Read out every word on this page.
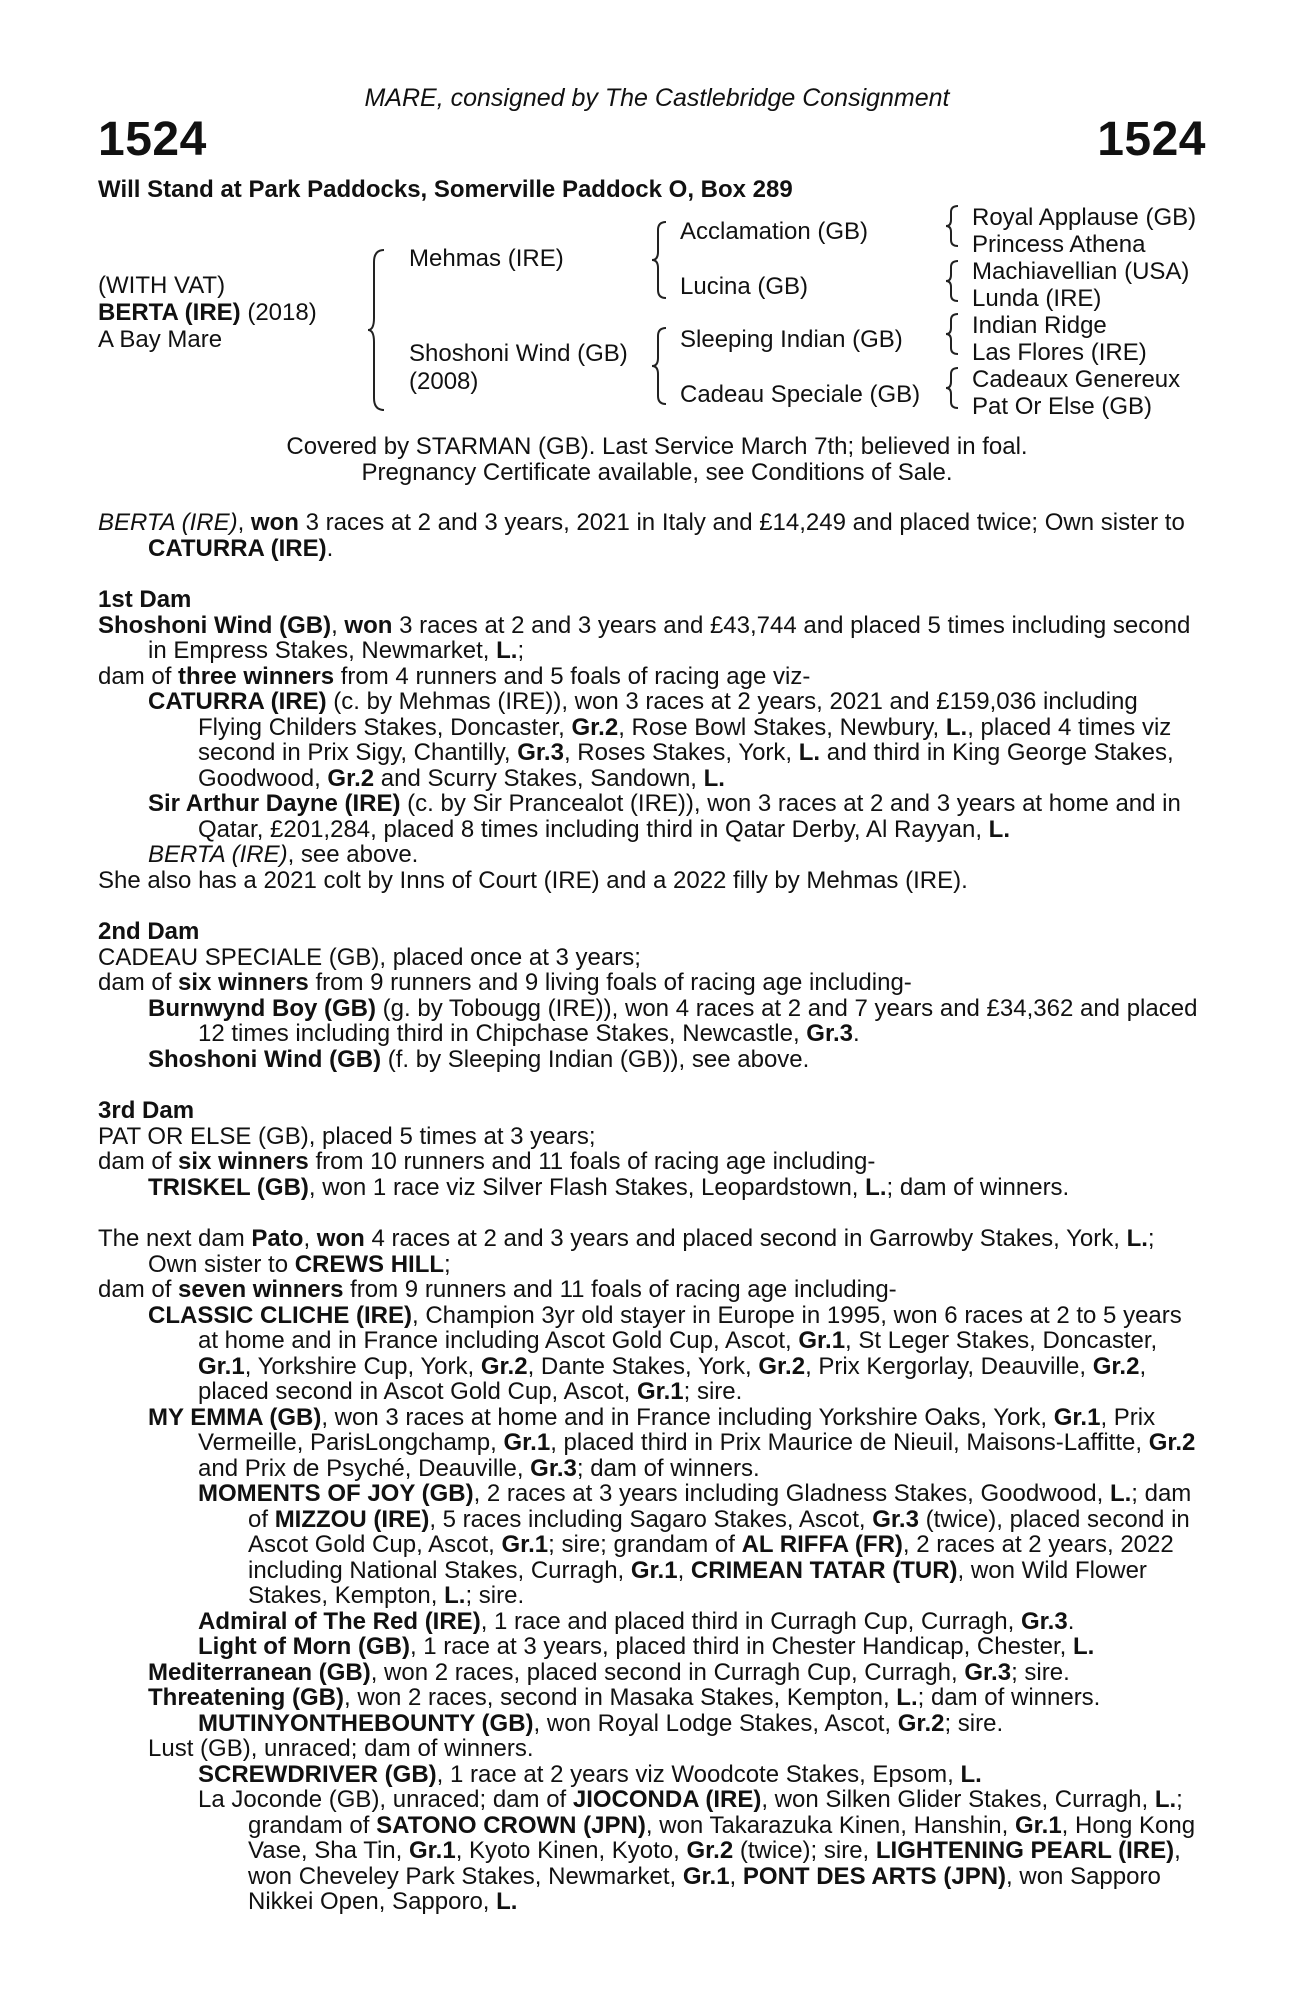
MARE, consigned by The Castlebridge Consignment
1524	1524
Will Stand at Park Paddocks, Somerville Paddock O, Box 289
(WITH VAT)
BERTA (IRE) (2018)
A Bay Mare
Mehmas (IRE)
Shoshoni Wind (GB)
(2008)
Acclamation (GB)
Lucina (GB)
Sleeping Indian (GB)
Cadeau Speciale (GB)
Royal Applause (GB)
Princess Athena
Machiavellian (USA)
Lunda (IRE)
Indian Ridge
Las Flores (IRE)
Cadeaux Genereux
Pat Or Else (GB)
Covered by STARMAN (GB). Last Service March 7th; believed in foal.
Pregnancy Certificate available, see Conditions of Sale.

BERTA (IRE), won 3 races at 2 and 3 years, 2021 in Italy and £14,249 and placed twice; Own sister to CATURRA (IRE).

1st Dam

Shoshoni Wind (GB), won 3 races at 2 and 3 years and £43,744 and placed 5 times including second in Empress Stakes, Newmarket, L.;

dam of three winners from 4 runners and 5 foals of racing age viz-

CATURRA (IRE) (c. by Mehmas (IRE)), won 3 races at 2 years, 2021 and £159,036 including Flying Childers Stakes, Doncaster, Gr.2, Rose Bowl Stakes, Newbury, L., placed 4 times viz second in Prix Sigy, Chantilly, Gr.3, Roses Stakes, York, L. and third in King George Stakes, Goodwood, Gr.2 and Scurry Stakes, Sandown, L.

Sir Arthur Dayne (IRE) (c. by Sir Prancealot (IRE)), won 3 races at 2 and 3 years at home and in Qatar, £201,284, placed 8 times including third in Qatar Derby, Al Rayyan, L.

BERTA (IRE), see above.

She also has a 2021 colt by Inns of Court (IRE) and a 2022 filly by Mehmas (IRE).

2nd Dam

CADEAU SPECIALE (GB), placed once at 3 years;

dam of six winners from 9 runners and 9 living foals of racing age including-

Burnwynd Boy (GB) (g. by Tobougg (IRE)), won 4 races at 2 and 7 years and £34,362 and placed 12 times including third in Chipchase Stakes, Newcastle, Gr.3.

Shoshoni Wind (GB) (f. by Sleeping Indian (GB)), see above.

3rd Dam

PAT OR ELSE (GB), placed 5 times at 3 years;

dam of six winners from 10 runners and 11 foals of racing age including-

TRISKEL (GB), won 1 race viz Silver Flash Stakes, Leopardstown, L.; dam of winners.

The next dam Pato, won 4 races at 2 and 3 years and placed second in Garrowby Stakes, York, L.; Own sister to CREWS HILL;

dam of seven winners from 9 runners and 11 foals of racing age including-

CLASSIC CLICHE (IRE), Champion 3yr old stayer in Europe in 1995, won 6 races at 2 to 5 years at home and in France including Ascot Gold Cup, Ascot, Gr.1, St Leger Stakes, Doncaster, Gr.1, Yorkshire Cup, York, Gr.2, Dante Stakes, York, Gr.2, Prix Kergorlay, Deauville, Gr.2, placed second in Ascot Gold Cup, Ascot, Gr.1; sire.

MY EMMA (GB), won 3 races at home and in France including Yorkshire Oaks, York, Gr.1, Prix Vermeille, ParisLongchamp, Gr.1, placed third in Prix Maurice de Nieuil, Maisons-Laffitte, Gr.2 and Prix de Psyché, Deauville, Gr.3; dam of winners.

MOMENTS OF JOY (GB), 2 races at 3 years including Gladness Stakes, Goodwood, L.; dam of MIZZOU (IRE), 5 races including Sagaro Stakes, Ascot, Gr.3 (twice), placed second in Ascot Gold Cup, Ascot, Gr.1; sire; grandam of AL RIFFA (FR), 2 races at 2 years, 2022 including National Stakes, Curragh, Gr.1, CRIMEAN TATAR (TUR), won Wild Flower Stakes, Kempton, L.; sire.

Admiral of The Red (IRE), 1 race and placed third in Curragh Cup, Curragh, Gr.3.

Light of Morn (GB), 1 race at 3 years, placed third in Chester Handicap, Chester, L.

Mediterranean (GB), won 2 races, placed second in Curragh Cup, Curragh, Gr.3; sire.

Threatening (GB), won 2 races, second in Masaka Stakes, Kempton, L.; dam of winners.

MUTINYONTHEBOUNTY (GB), won Royal Lodge Stakes, Ascot, Gr.2; sire.

Lust (GB), unraced; dam of winners.

SCREWDRIVER (GB), 1 race at 2 years viz Woodcote Stakes, Epsom, L.

La Joconde (GB), unraced; dam of JIOCONDA (IRE), won Silken Glider Stakes, Curragh, L.; grandam of SATONO CROWN (JPN), won Takarazuka Kinen, Hanshin, Gr.1, Hong Kong Vase, Sha Tin, Gr.1, Kyoto Kinen, Kyoto, Gr.2 (twice); sire, LIGHTENING PEARL (IRE), won Cheveley Park Stakes, Newmarket, Gr.1, PONT DES ARTS (JPN), won Sapporo Nikkei Open, Sapporo, L.
